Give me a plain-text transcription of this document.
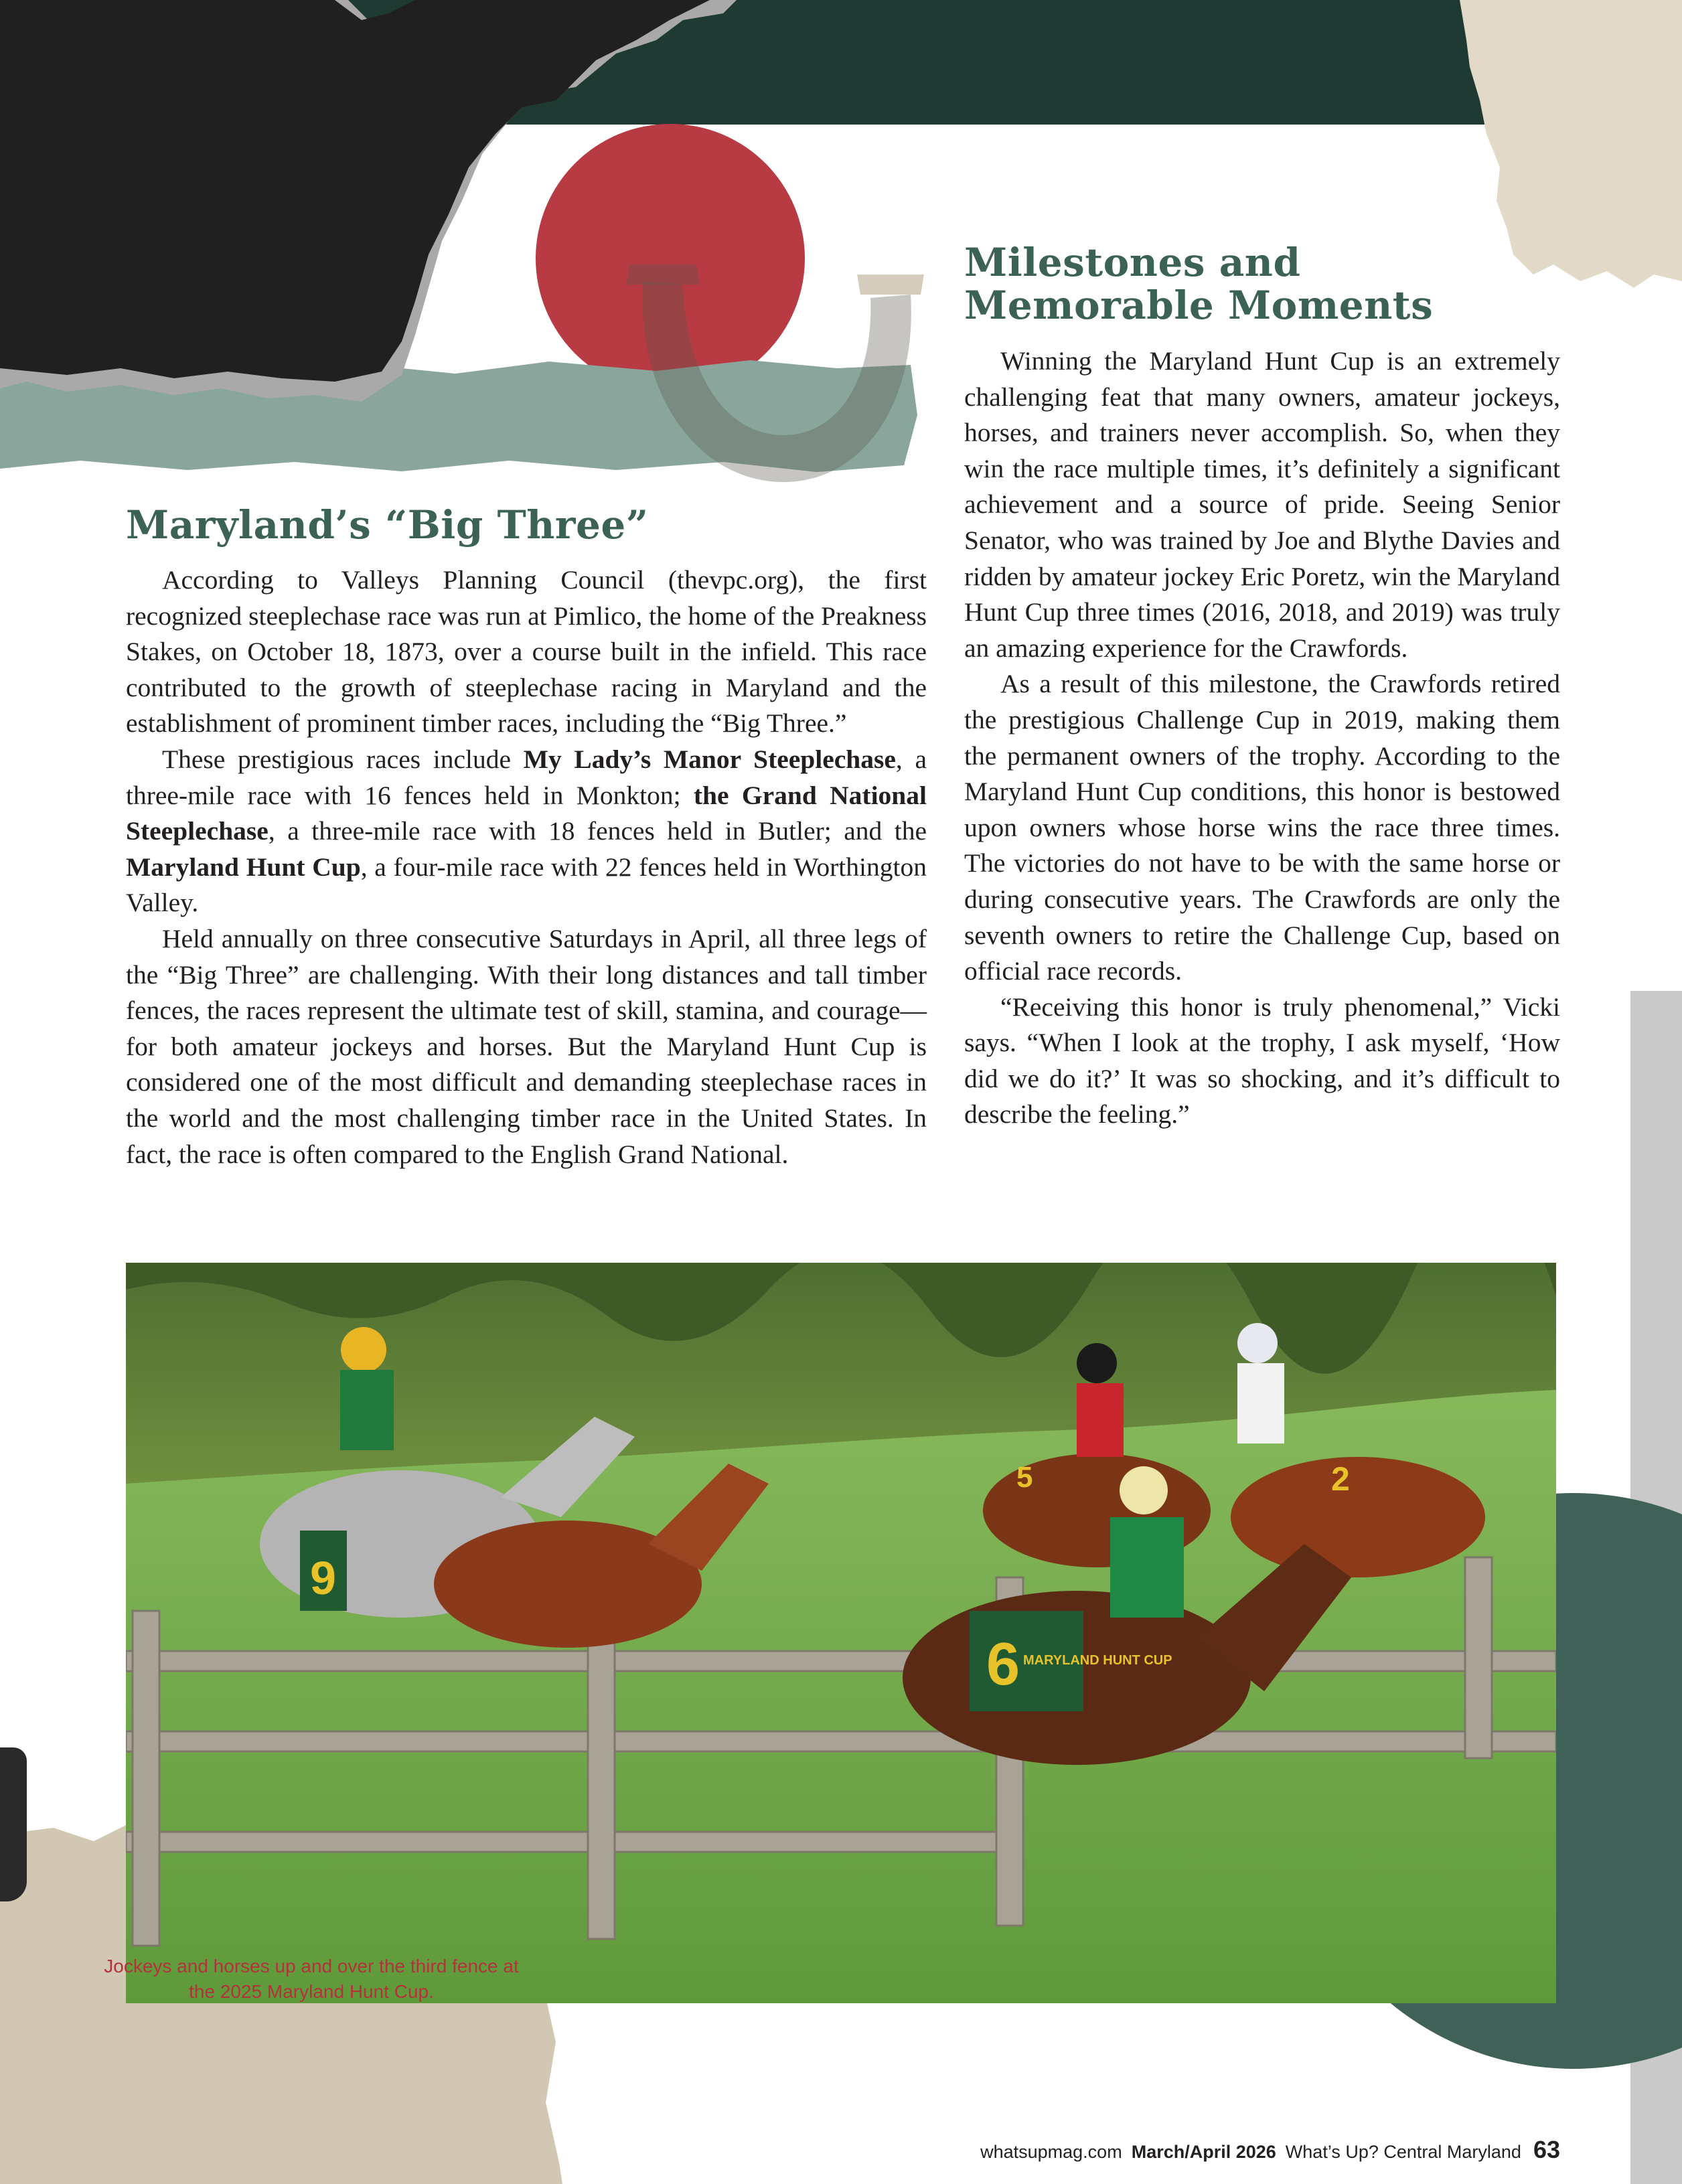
Maryland’s “Big Three”
Milestones and
Memorable Moments

According to Valleys Planning Council (thevpc.org), the first recognized steeplechase race was run at Pimlico, the home of the Preakness Stakes, on October 18, 1873, over a course built in the infield. This race contributed to the growth of steeplechase racing in Maryland and the establishment of prominent timber races, including the “Big Three.”

These prestigious races include My Lady’s Manor Steeplechase, a three-mile race with 16 fences held in Monkton; the Grand National Steeplechase, a three-mile race with 18 fences held in Butler; and the Maryland Hunt Cup, a four-mile race with 22 fences held in Worthington Valley.

Held annually on three consecutive Saturdays in April, all three legs of the “Big Three” are challenging. With their long distances and tall timber fences, the races represent the ultimate test of skill, stamina, and courage—for both amateur jockeys and horses. But the Maryland Hunt Cup is considered one of the most difficult and demanding steeplechase races in the world and the most challenging timber race in the United States. In fact, the race is often compared to the English Grand National.

Winning the Maryland Hunt Cup is an extremely challenging feat that many owners, amateur jockeys, horses, and trainers never accomplish. So, when they win the race multiple times, it’s definitely a significant achievement and a source of pride. Seeing Senior Senator, who was trained by Joe and Blythe Davies and ridden by amateur jockey Eric Poretz, win the Maryland Hunt Cup three times (2016, 2018, and 2019) was truly an amazing experience for the Crawfords.

As a result of this milestone, the Crawfords retired the prestigious Challenge Cup in 2019, making them the permanent owners of the trophy. According to the Maryland Hunt Cup conditions, this honor is bestowed upon owners whose horse wins the race three times. The victories do not have to be with the same horse or during consecutive years. The Crawfords are only the seventh owners to retire the Challenge Cup, based on official race records.

“Receiving this honor is truly phenomenal,” Vicki says. “When I look at the trophy, I ask myself, ‘How did we do it?’ It was so shocking, and it’s difficult to describe the feeling.”

9
5	2
6 MARYLAND HUNT CUP
Jockeys and horses up and over the third fence at the 2025 Maryland Hunt Cup.
whatsupmag.com March/April 2026 What’s Up? Central Maryland 63
